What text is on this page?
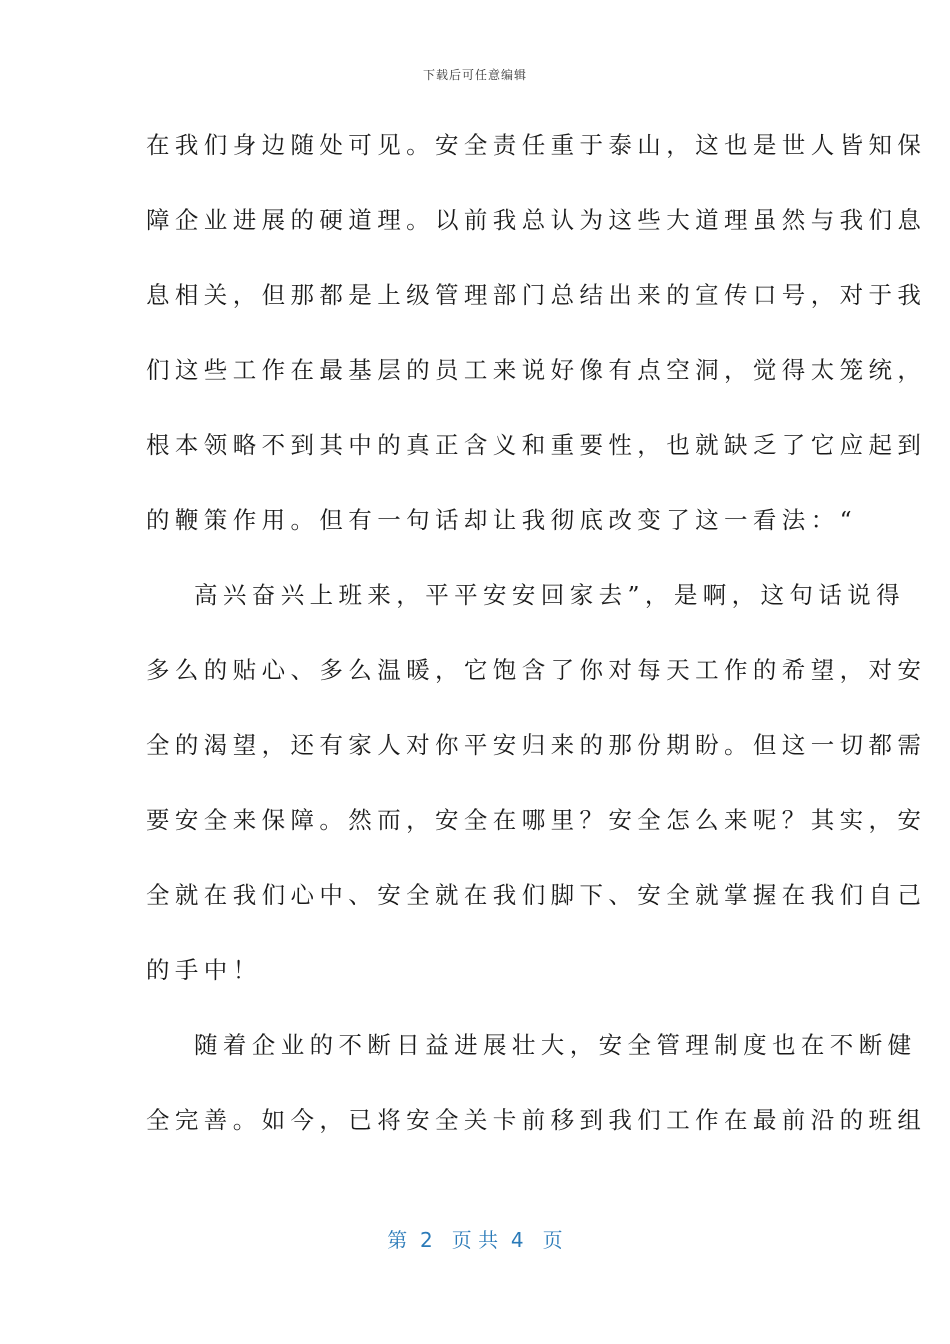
下载后可任意编辑
在我们身边随处可见。安全责任重于泰山，这也是世人皆知保
障企业进展的硬道理。以前我总认为这些大道理虽然与我们息
息相关，但那都是上级管理部门总结出来的宣传口号，对于我
们这些工作在最基层的员工来说好像有点空洞，觉得太笼统，
根本领略不到其中的真正含义和重要性，也就缺乏了它应起到
的鞭策作用。但有一句话却让我彻底改变了这一看法：“
高兴奋兴上班来，平平安安回家去”，是啊，这句话说得
多么的贴心、多么温暖，它饱含了你对每天工作的希望，对安
全的渴望，还有家人对你平安归来的那份期盼。但这一切都需
要安全来保障。然而，安全在哪里？安全怎么来呢？其实，安
全就在我们心中、安全就在我们脚下、安全就掌握在我们自己
的手中！
随着企业的不断日益进展壮大，安全管理制度也在不断健
全完善。如今，已将安全关卡前移到我们工作在最前沿的班组
第  2   页 共  4   页
